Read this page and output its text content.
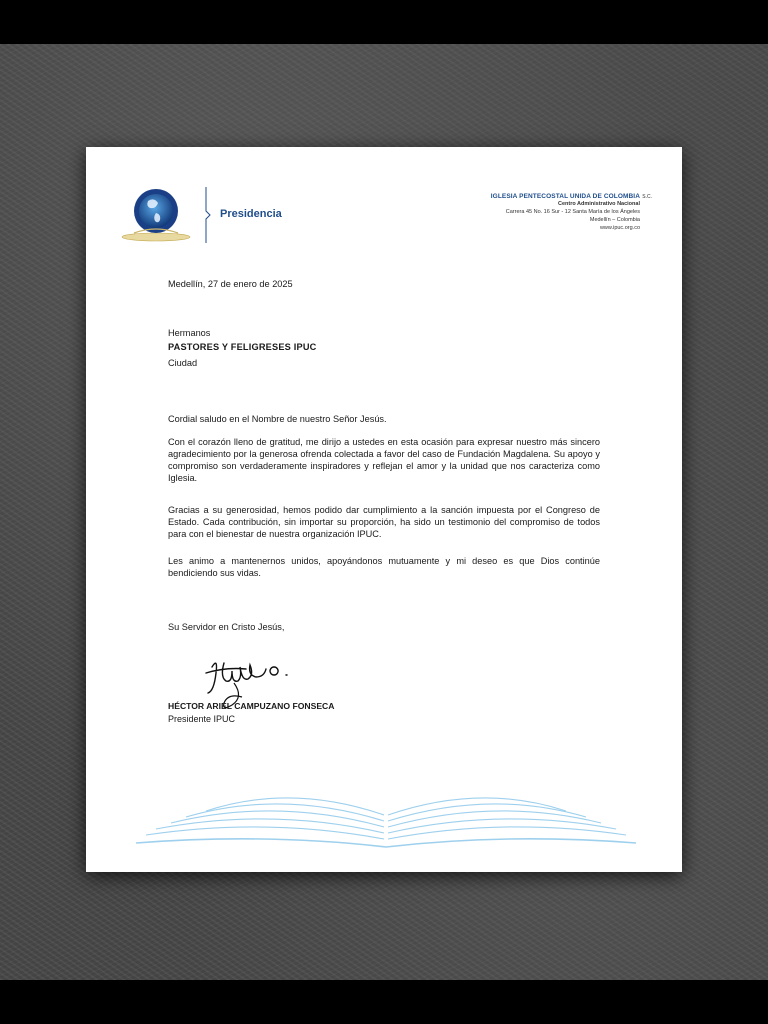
Presidencia
IGLESIA PENTECOSTAL UNIDA DE COLOMBIA
Centro Administrativo Nacional
Carrera 45 No. 16 Sur - 12 Santa María de los Ángeles
Medellín – Colombia
www.ipuc.org.co
S.C.
Medellín, 27 de enero de 2025
Hermanos
PASTORES Y FELIGRESES IPUC
Ciudad
Cordial saludo en el Nombre de nuestro Señor Jesús.
Con el corazón lleno de gratitud, me dirijo a ustedes en esta ocasión para expresar nuestro más sincero agradecimiento por la generosa ofrenda colectada a favor del caso de Fundación Magdalena. Su apoyo y compromiso son verdaderamente inspiradores y reflejan el amor y la unidad que nos caracteriza como Iglesia.
Gracias a su generosidad, hemos podido dar cumplimiento a la sanción impuesta por el Congreso de Estado. Cada contribución, sin importar su proporción, ha sido un testimonio del compromiso de todos para con el bienestar de nuestra organización IPUC.
Les animo a mantenernos unidos, apoyándonos mutuamente y mi deseo es que Dios continúe bendiciendo sus vidas.
Su Servidor en Cristo Jesús,
HÉCTOR ARIEL CAMPUZANO FONSECA
Presidente IPUC
